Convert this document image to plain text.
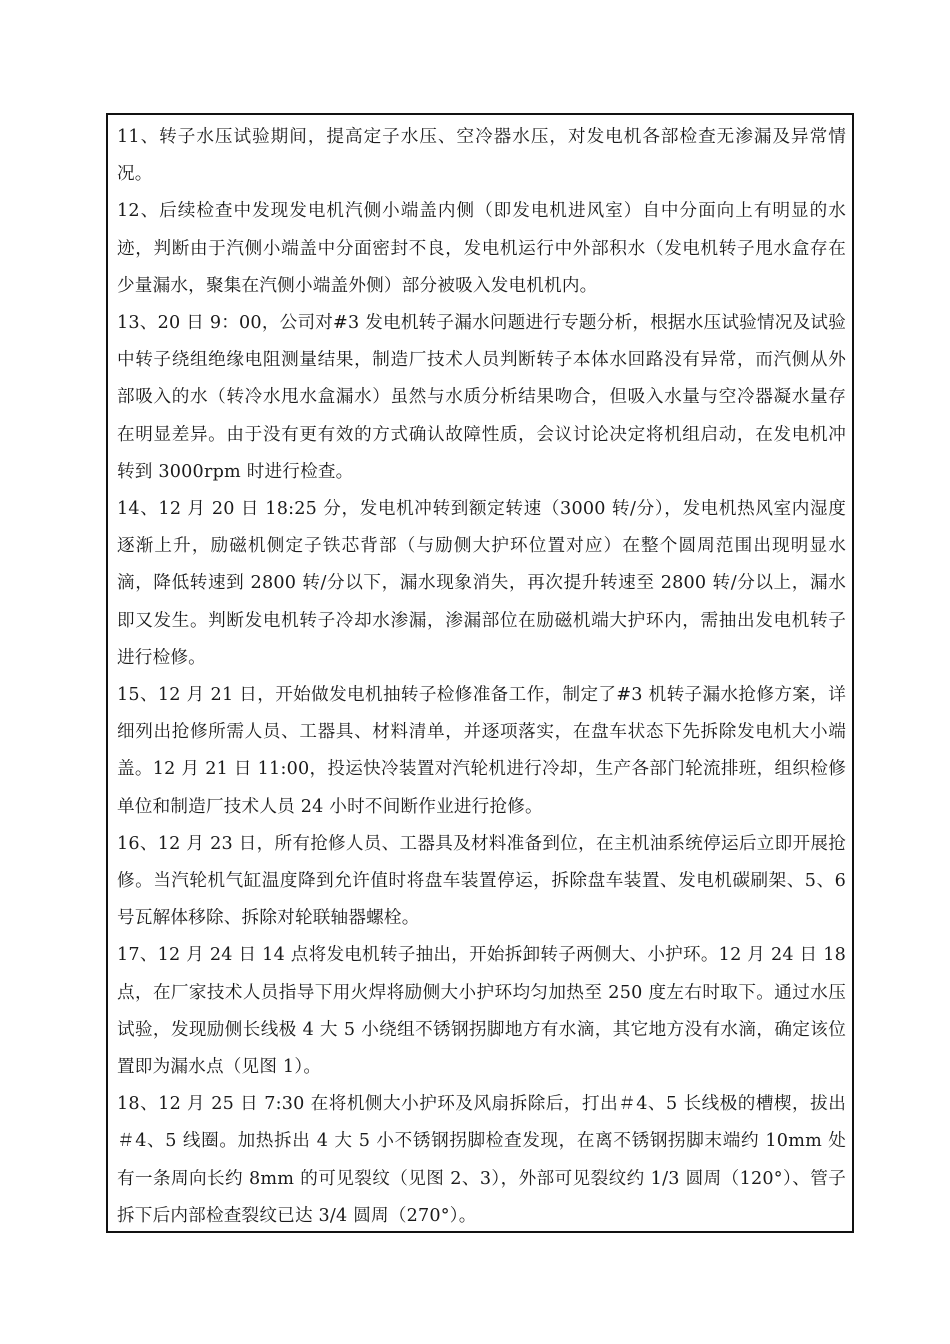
11、转子水压试验期间，提高定子水压、空冷器水压，对发电机各部检查无渗漏及异常情况。

12、后续检查中发现发电机汽侧小端盖内侧（即发电机进风室）自中分面向上有明显的水迹，判断由于汽侧小端盖中分面密封不良，发电机运行中外部积水（发电机转子甩水盒存在少量漏水，聚集在汽侧小端盖外侧）部分被吸入发电机机内。

13、20 日 9：00，公司对#3 发电机转子漏水问题进行专题分析，根据水压试验情况及试验中转子绕组绝缘电阻测量结果，制造厂技术人员判断转子本体水回路没有异常，而汽侧从外部吸入的水（转冷水甩水盒漏水）虽然与水质分析结果吻合，但吸入水量与空冷器凝水量存在明显差异。由于没有更有效的方式确认故障性质，会议讨论决定将机组启动，在发电机冲转到 3000rpm 时进行检查。

14、12 月 20 日 18:25 分，发电机冲转到额定转速（3000 转/分），发电机热风室内湿度逐渐上升，励磁机侧定子铁芯背部（与励侧大护环位置对应）在整个圆周范围出现明显水滴，降低转速到 2800 转/分以下，漏水现象消失，再次提升转速至 2800 转/分以上，漏水即又发生。判断发电机转子冷却水渗漏，渗漏部位在励磁机端大护环内，需抽出发电机转子进行检修。

15、12 月 21 日，开始做发电机抽转子检修准备工作，制定了#3 机转子漏水抢修方案，详细列出抢修所需人员、工器具、材料清单，并逐项落实，在盘车状态下先拆除发电机大小端盖。12 月 21 日 11:00，投运快冷装置对汽轮机进行冷却，生产各部门轮流排班，组织检修单位和制造厂技术人员 24 小时不间断作业进行抢修。

16、12 月 23 日，所有抢修人员、工器具及材料准备到位，在主机油系统停运后立即开展抢修。当汽轮机气缸温度降到允许值时将盘车装置停运，拆除盘车装置、发电机碳刷架、5、6 号瓦解体移除、拆除对轮联轴器螺栓。

17、12 月 24 日 14 点将发电机转子抽出，开始拆卸转子两侧大、小护环。12 月 24 日 18 点，在厂家技术人员指导下用火焊将励侧大小护环均匀加热至 250 度左右时取下。通过水压试验，发现励侧长线极 4 大 5 小绕组不锈钢拐脚地方有水滴，其它地方没有水滴，确定该位置即为漏水点（见图 1）。

18、12 月 25 日 7:30 在将机侧大小护环及风扇拆除后，打出＃4、5 长线极的槽楔，拔出＃4、5 线圈。加热拆出 4 大 5 小不锈钢拐脚检查发现，在离不锈钢拐脚末端约 10mm 处有一条周向长约 8mm 的可见裂纹（见图 2、3），外部可见裂纹约 1/3 圆周（120°）、管子拆下后内部检查裂纹已达 3/4 圆周（270°）。
